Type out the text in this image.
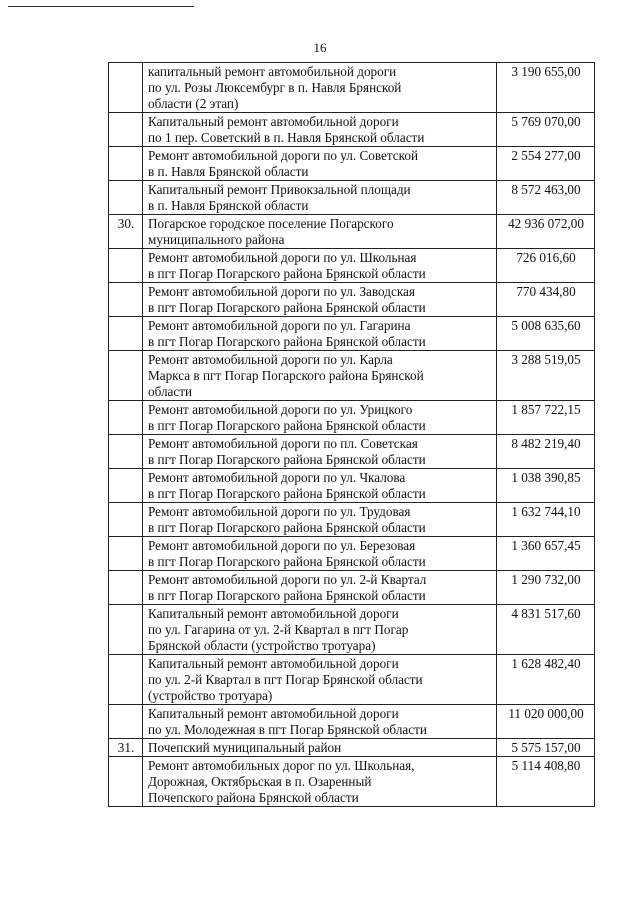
16

	капитальный ремонт автомобильной дороги
по ул. Розы Люксембург в п. Навля Брянской
области (2 этап)	3 190 655,00

	Капитальный ремонт автомобильной дороги
по 1 пер. Советский в п. Навля Брянской области	5 769 070,00

	Ремонт автомобильной дороги по ул. Советской
в п. Навля Брянской области	2 554 277,00

	Капитальный ремонт Привокзальной площади
в п. Навля Брянской области	8 572 463,00
30.	Погарское городское поселение Погарского
муниципального района	42 936 072,00

	Ремонт автомобильной дороги по ул. Школьная
в пгт Погар Погарского района Брянской области	726 016,60

	Ремонт автомобильной дороги по ул. Заводская
в пгт Погар Погарского района Брянской области	770 434,80

	Ремонт автомобильной дороги по ул. Гагарина
в пгт Погар Погарского района Брянской области	5 008 635,60

	Ремонт автомобильной дороги по ул. Карла
Маркса в пгт Погар Погарского района Брянской
области	3 288 519,05

	Ремонт автомобильной дороги по ул. Урицкого
в пгт Погар Погарского района Брянской области	1 857 722,15

	Ремонт автомобильной дороги по пл. Советская
в пгт Погар Погарского района Брянской области	8 482 219,40

	Ремонт автомобильной дороги по ул. Чкалова
в пгт Погар Погарского района Брянской области	1 038 390,85

	Ремонт автомобильной дороги по ул. Трудовая
в пгт Погар Погарского района Брянской области	1 632 744,10

	Ремонт автомобильной дороги по ул. Березовая
в пгт Погар Погарского района Брянской области	1 360 657,45

	Ремонт автомобильной дороги по ул. 2-й Квартал
в пгт Погар Погарского района Брянской области	1 290 732,00

	Капитальный ремонт автомобильной дороги
по ул. Гагарина от ул. 2-й Квартал в пгт Погар
Брянской области (устройство тротуара)	4 831 517,60

	Капитальный ремонт автомобильной дороги
по ул. 2-й Квартал в пгт Погар Брянской области
(устройство тротуара)	1 628 482,40

	Капитальный ремонт автомобильной дороги
по ул. Молодежная в пгт Погар Брянской области	11 020 000,00
31.	Почепский муниципальный район	5 575 157,00

	Ремонт автомобильных дорог по ул. Школьная,
Дорожная, Октябрьская в п. Озаренный
Почепского района Брянской области	5 114 408,80
